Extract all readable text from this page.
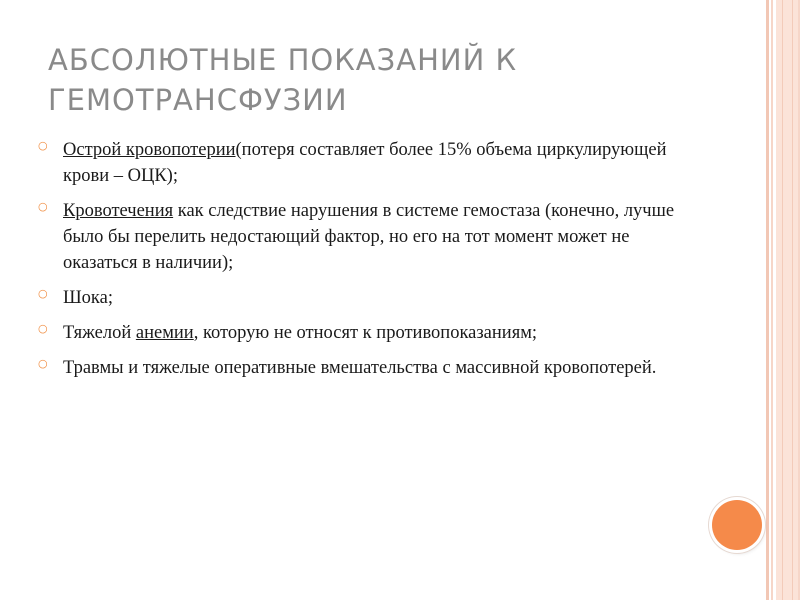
АБСОЛЮТНЫЕ ПОКАЗАНИЙ К ГЕМОТРАНСФУЗИИ
○ Острой кровопотерии(потеря составляет более 15% объема циркулирующей крови – ОЦК);
○ Кровотечения как следствие нарушения в системе гемостаза (конечно, лучше было бы перелить недостающий фактор, но его на тот момент может не оказаться в наличии);
○ Шока;
○ Тяжелой анемии, которую не относят к противопоказаниям;
○ Травмы и тяжелые оперативные вмешательства с массивной кровопотерей.
